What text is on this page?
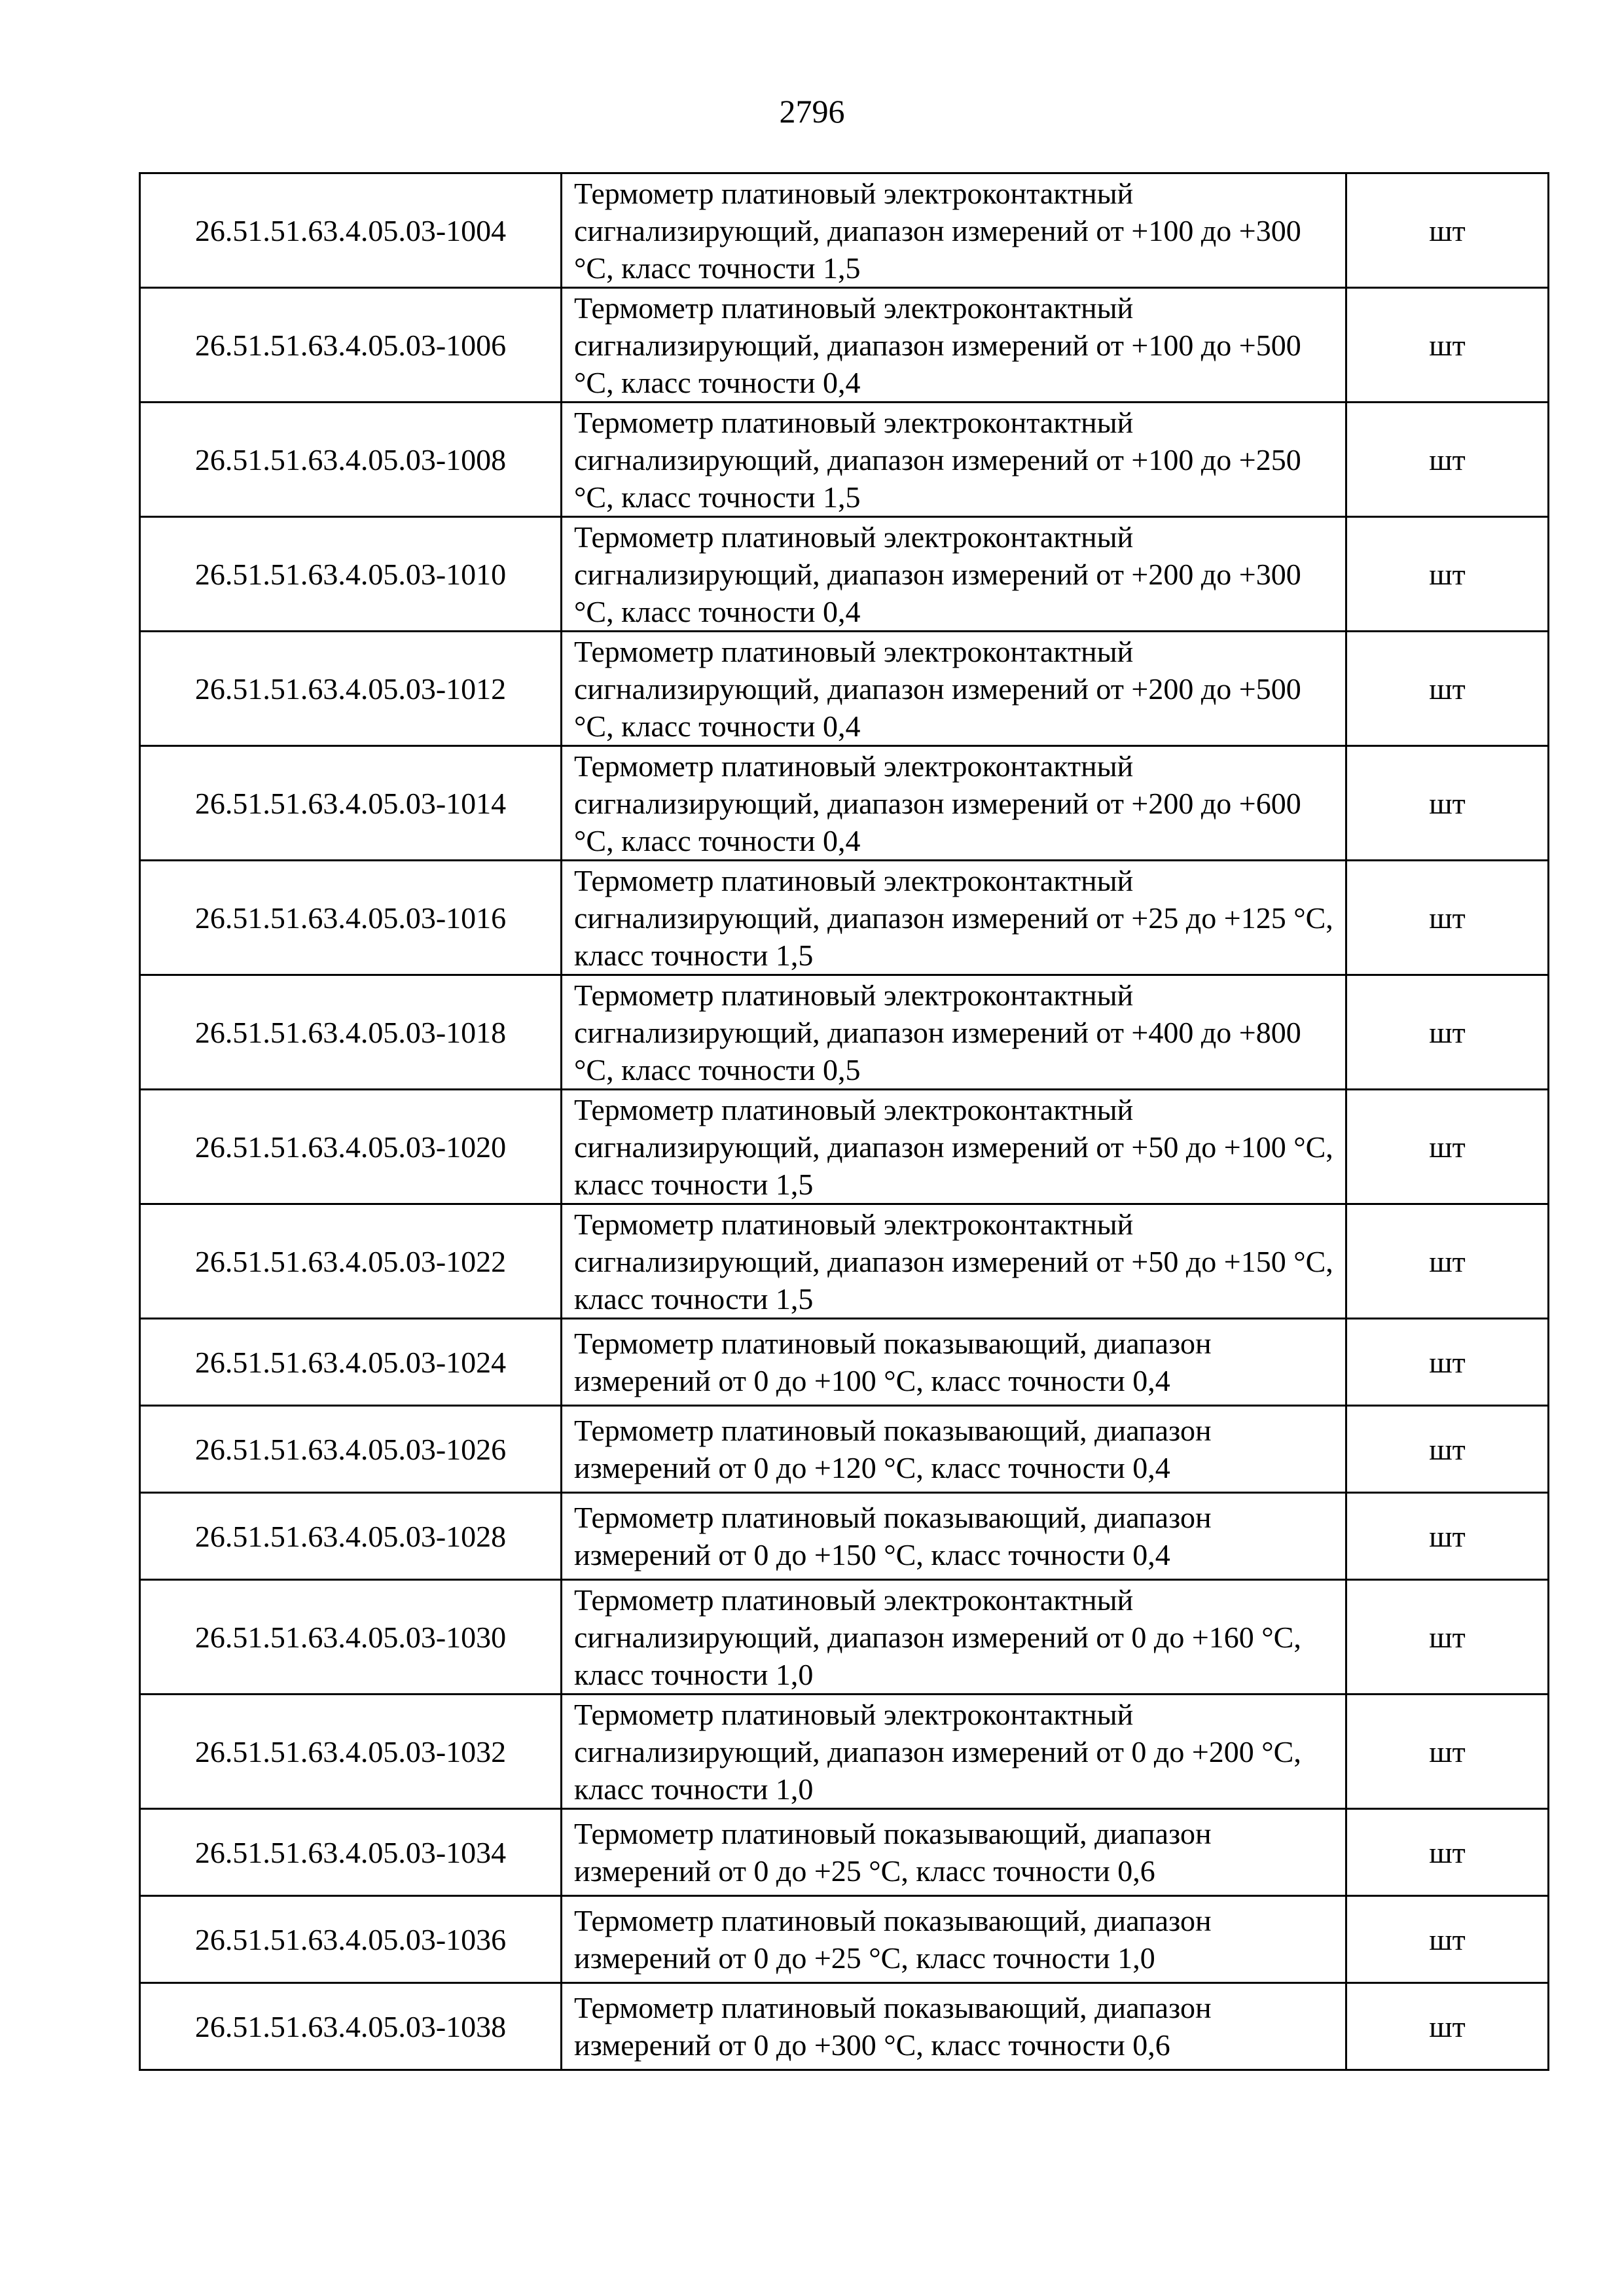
2796
26.51.51.63.4.05.03-1004	Термометр платиновый электроконтактный сигнализирующий, диапазон измерений от +100 до +300 °С, класс точности 1,5	шт
26.51.51.63.4.05.03-1006	Термометр платиновый электроконтактный сигнализирующий, диапазон измерений от +100 до +500 °С, класс точности 0,4	шт
26.51.51.63.4.05.03-1008	Термометр платиновый электроконтактный сигнализирующий, диапазон измерений от +100 до +250 °С, класс точности 1,5	шт
26.51.51.63.4.05.03-1010	Термометр платиновый электроконтактный сигнализирующий, диапазон измерений от +200 до +300 °С, класс точности 0,4	шт
26.51.51.63.4.05.03-1012	Термометр платиновый электроконтактный сигнализирующий, диапазон измерений от +200 до +500 °С, класс точности 0,4	шт
26.51.51.63.4.05.03-1014	Термометр платиновый электроконтактный сигнализирующий, диапазон измерений от +200 до +600 °С, класс точности 0,4	шт
26.51.51.63.4.05.03-1016	Термометр платиновый электроконтактный сигнализирующий, диапазон измерений от +25 до +125 °С, класс точности 1,5	шт
26.51.51.63.4.05.03-1018	Термометр платиновый электроконтактный сигнализирующий, диапазон измерений от +400 до +800 °С, класс точности 0,5	шт
26.51.51.63.4.05.03-1020	Термометр платиновый электроконтактный сигнализирующий, диапазон измерений от +50 до +100 °С, класс точности 1,5	шт
26.51.51.63.4.05.03-1022	Термометр платиновый электроконтактный сигнализирующий, диапазон измерений от +50 до +150 °С, класс точности 1,5	шт
26.51.51.63.4.05.03-1024	Термометр платиновый показывающий, диапазон измерений от 0 до +100 °С, класс точности 0,4	шт
26.51.51.63.4.05.03-1026	Термометр платиновый показывающий, диапазон измерений от 0 до +120 °С, класс точности 0,4	шт
26.51.51.63.4.05.03-1028	Термометр платиновый показывающий, диапазон измерений от 0 до +150 °С, класс точности 0,4	шт
26.51.51.63.4.05.03-1030	Термометр платиновый электроконтактный сигнализирующий, диапазон измерений от 0 до +160 °С, класс точности 1,0	шт
26.51.51.63.4.05.03-1032	Термометр платиновый электроконтактный сигнализирующий, диапазон измерений от 0 до +200 °С, класс точности 1,0	шт
26.51.51.63.4.05.03-1034	Термометр платиновый показывающий, диапазон измерений от 0 до +25 °С, класс точности 0,6	шт
26.51.51.63.4.05.03-1036	Термометр платиновый показывающий, диапазон измерений от 0 до +25 °С, класс точности 1,0	шт
26.51.51.63.4.05.03-1038	Термометр платиновый показывающий, диапазон измерений от 0 до +300 °С, класс точности 0,6	шт
